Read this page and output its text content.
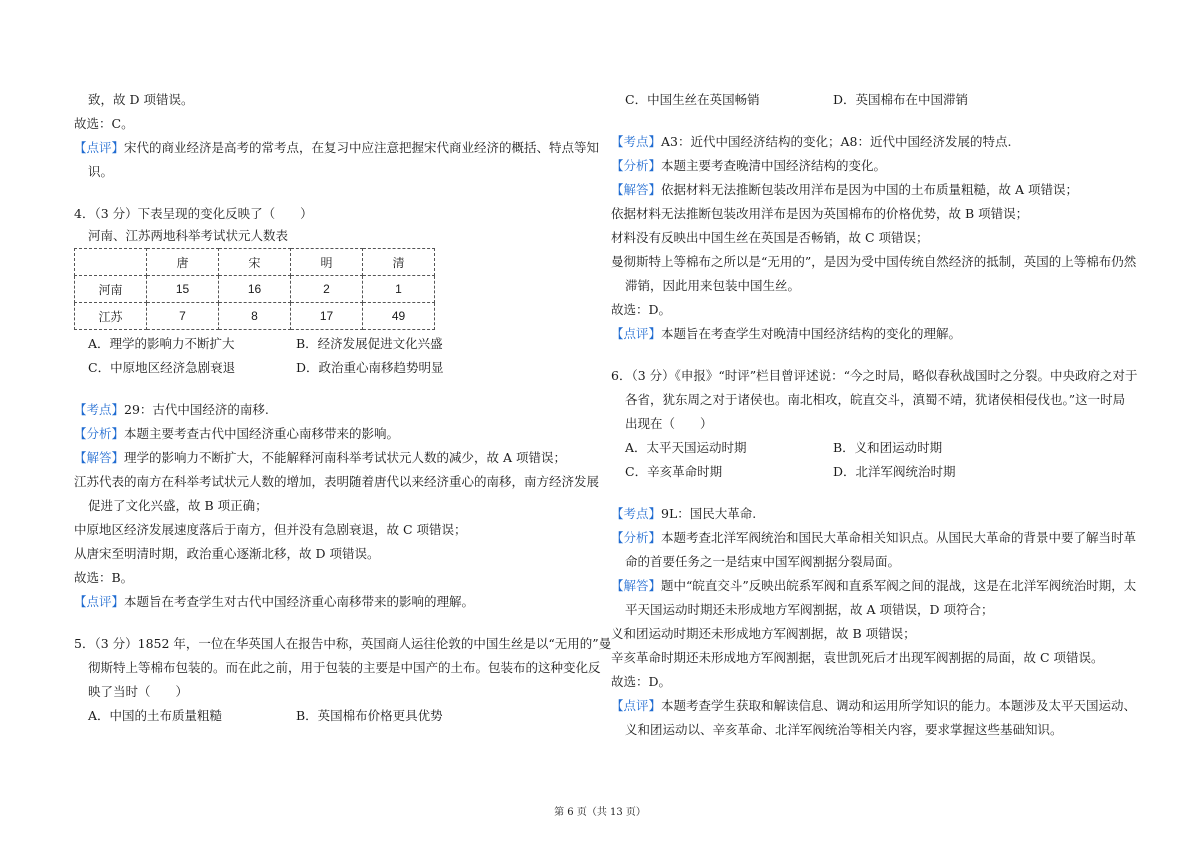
致，故 D 项错误。
故选：C。
【点评】宋代的商业经济是高考的常考点，在复习中应注意把握宋代商业经济的概括、特点等知
识。
4．（3 分）下表呈现的变化反映了（　　）
河南、江苏两地科举考试状元人数表
	唐	宋	明	清
河南	15	16	2	1
江苏	7	8	17	49
A．理学的影响力不断扩大	B．经济发展促进文化兴盛
C．中原地区经济急剧衰退	D．政治重心南移趋势明显
【考点】29：古代中国经济的南移.
【分析】本题主要考查古代中国经济重心南移带来的影响。
【解答】理学的影响力不断扩大，不能解释河南科举考试状元人数的减少，故 A 项错误；
江苏代表的南方在科举考试状元人数的增加，表明随着唐代以来经济重心的南移，南方经济发展
促进了文化兴盛，故 B 项正确；
中原地区经济发展速度落后于南方，但并没有急剧衰退，故 C 项错误；
从唐宋至明清时期，政治重心逐渐北移，故 D 项错误。
故选：B。
【点评】本题旨在考查学生对古代中国经济重心南移带来的影响的理解。
5．（3 分）1852 年，一位在华英国人在报告中称，英国商人运往伦敦的中国生丝是以“无用的”曼
彻斯特上等棉布包装的。而在此之前，用于包装的主要是中国产的土布。包装布的这种变化反
映了当时（　　）
A．中国的土布质量粗糙	B．英国棉布价格更具优势
C．中国生丝在英国畅销	D．英国棉布在中国滞销
【考点】A3：近代中国经济结构的变化；A8：近代中国经济发展的特点.
【分析】本题主要考查晚清中国经济结构的变化。
【解答】依据材料无法推断包装改用洋布是因为中国的土布质量粗糙，故 A 项错误；
依据材料无法推断包装改用洋布是因为英国棉布的价格优势，故 B 项错误；
材料没有反映出中国生丝在英国是否畅销，故 C 项错误；
曼彻斯特上等棉布之所以是“无用的”，是因为受中国传统自然经济的抵制，英国的上等棉布仍然
滞销，因此用来包装中国生丝。
故选：D。
【点评】本题旨在考查学生对晚清中国经济结构的变化的理解。
6．（3 分）《申报》“时评”栏目曾评述说：“今之时局，略似春秋战国时之分裂。中央政府之对于
各省，犹东周之对于诸侯也。南北相攻，皖直交斗，滇蜀不靖，犹诸侯相侵伐也。”这一时局
出现在（　　）
A．太平天国运动时期	B．义和团运动时期
C．辛亥革命时期	D．北洋军阀统治时期
【考点】9L：国民大革命.
【分析】本题考查北洋军阀统治和国民大革命相关知识点。从国民大革命的背景中要了解当时革
命的首要任务之一是结束中国军阀割据分裂局面。
【解答】题中“皖直交斗”反映出皖系军阀和直系军阀之间的混战，这是在北洋军阀统治时期，太
平天国运动时期还未形成地方军阀割据，故 A 项错误，D 项符合；
义和团运动时期还未形成地方军阀割据，故 B 项错误；
辛亥革命时期还未形成地方军阀割据，袁世凯死后才出现军阀割据的局面，故 C 项错误。
故选：D。
【点评】本题考查学生获取和解读信息、调动和运用所学知识的能力。本题涉及太平天国运动、
义和团运动以、辛亥革命、北洋军阀统治等相关内容，要求掌握这些基础知识。
第 6 页（共 13 页）
